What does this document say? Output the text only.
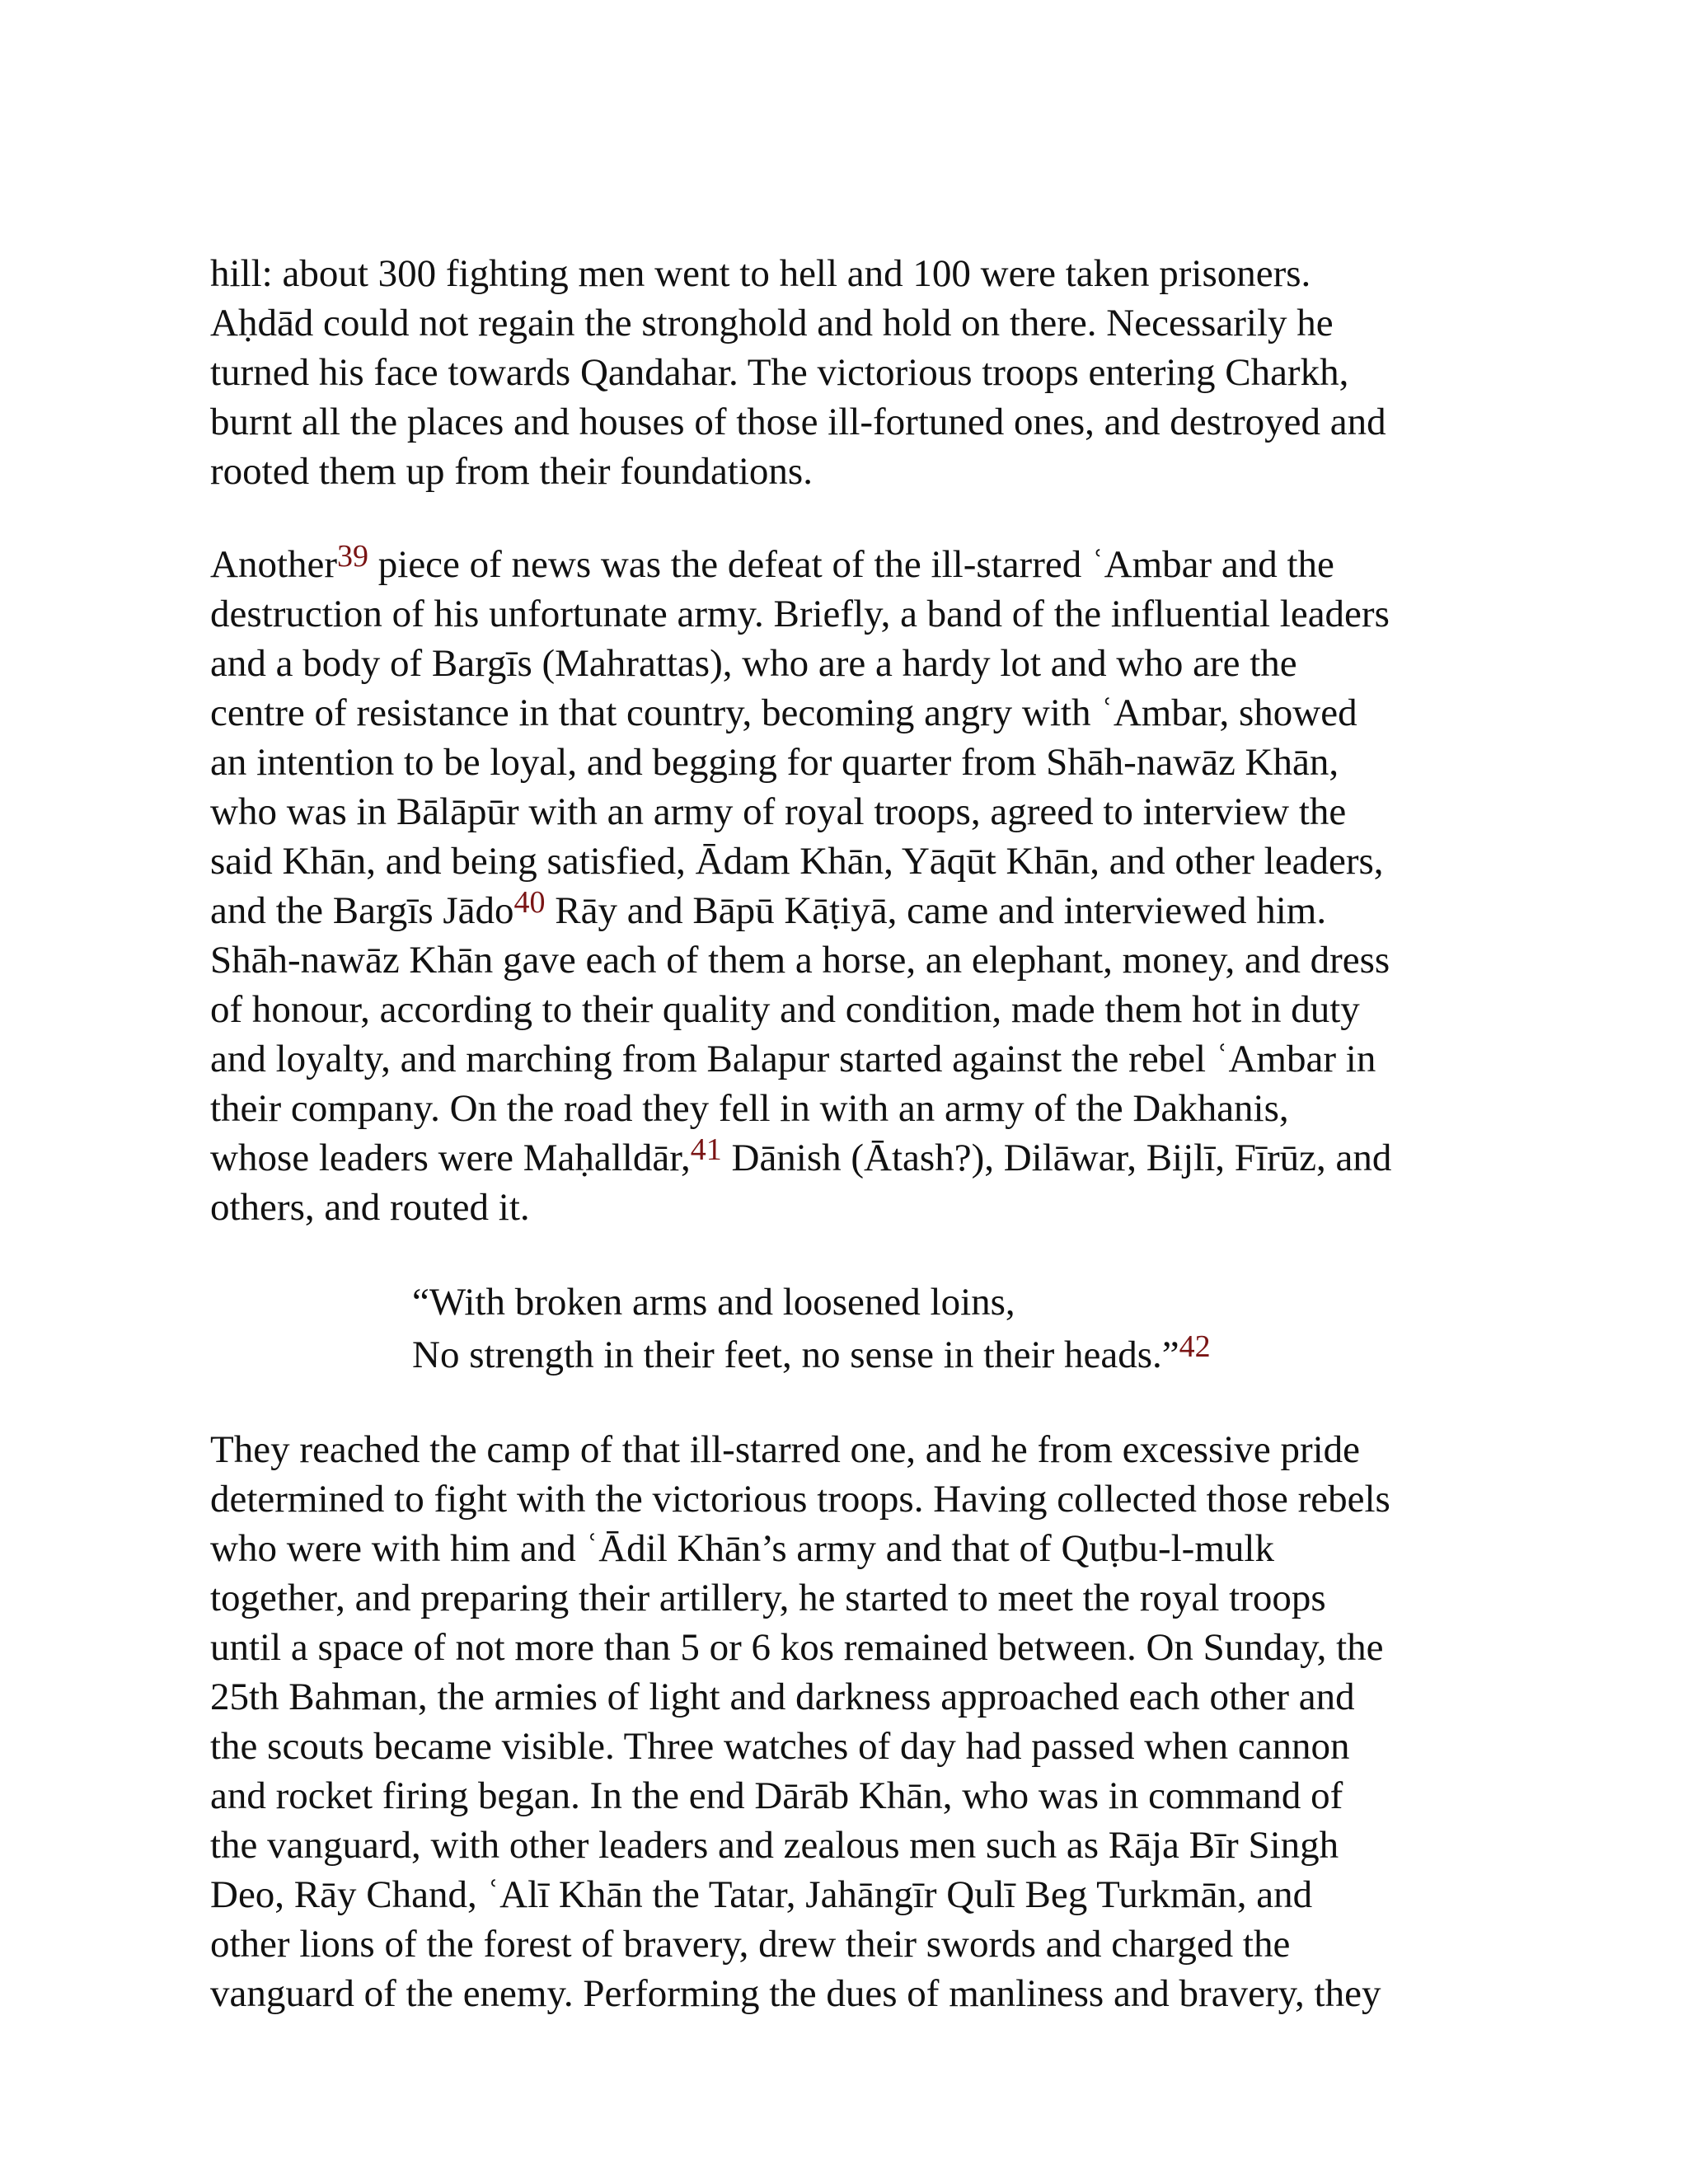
hill: about 300 fighting men went to hell and 100 were taken prisoners.
Aḥdād could not regain the stronghold and hold on there. Necessarily he
turned his face towards Qandahar. The victorious troops entering Charkh,
burnt all the places and houses of those ill-fortuned ones, and destroyed and
rooted them up from their foundations.

Another$^{39}$ piece of news was the defeat of the ill-starred ʿAmbar and the
destruction of his unfortunate army. Briefly, a band of the influential leaders
and a body of Bargīs (Mahrattas), who are a hardy lot and who are the
centre of resistance in that country, becoming angry with ʿAmbar, showed
an intention to be loyal, and begging for quarter from Shāh-nawāz Khān,
who was in Bālāpūr with an army of royal troops, agreed to interview the
said Khān, and being satisfied, Ādam Khān, Yāqūt Khān, and other leaders,
and the Bargīs Jādo$^{40}$ Rāy and Bāpū Kāṭiyā, came and interviewed him.
Shāh-nawāz Khān gave each of them a horse, an elephant, money, and dress
of honour, according to their quality and condition, made them hot in duty
and loyalty, and marching from Balapur started against the rebel ʿAmbar in
their company. On the road they fell in with an army of the Dakhanis,
whose leaders were Maḥalldār,$^{41}$ Dānish (Ātash?), Dilāwar, Bijlī, Fīrūz, and
others, and routed it.

“With broken arms and loosened loins,
No strength in their feet, no sense in their heads.”$^{42}$

They reached the camp of that ill-starred one, and he from excessive pride
determined to fight with the victorious troops. Having collected those rebels
who were with him and ʿĀdil Khān’s army and that of Quṭbu-l-mulk
together, and preparing their artillery, he started to meet the royal troops
until a space of not more than 5 or 6 kos remained between. On Sunday, the
25th Bahman, the armies of light and darkness approached each other and
the scouts became visible. Three watches of day had passed when cannon
and rocket firing began. In the end Dārāb Khān, who was in command of
the vanguard, with other leaders and zealous men such as Rāja Bīr Singh
Deo, Rāy Chand, ʿAlī Khān the Tatar, Jahāngīr Qulī Beg Turkmān, and
other lions of the forest of bravery, drew their swords and charged the
vanguard of the enemy. Performing the dues of manliness and bravery, they
